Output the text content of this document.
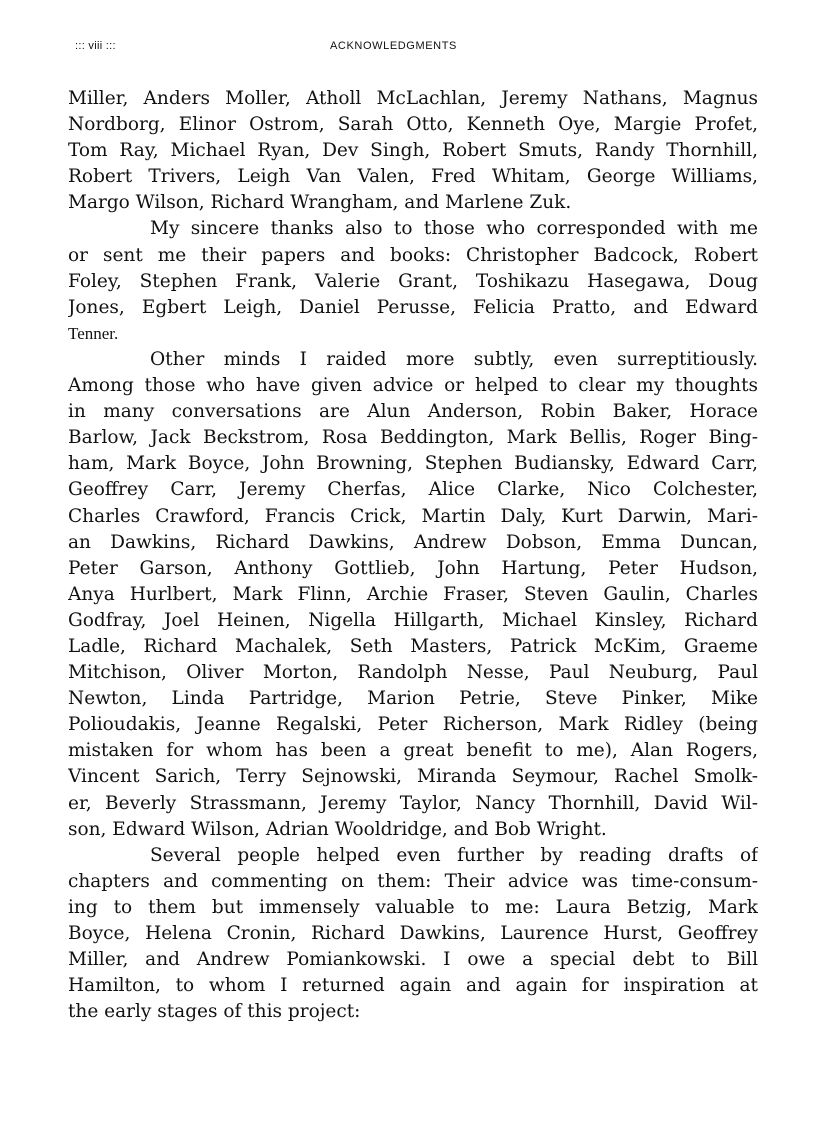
::: viii :::	ACKNOWLEDGMENTS
Miller, Anders Moller, Atholl McLachlan, Jeremy Nathans, Magnus
Nordborg, Elinor Ostrom, Sarah Otto, Kenneth Oye, Margie Profet,
Tom Ray, Michael Ryan, Dev Singh, Robert Smuts, Randy Thornhill,
Robert Trivers, Leigh Van Valen, Fred Whitam, George Williams,
Margo Wilson, Richard Wrangham, and Marlene Zuk.
My sincere thanks also to those who corresponded with me
or sent me their papers and books: Christopher Badcock, Robert
Foley, Stephen Frank, Valerie Grant, Toshikazu Hasegawa, Doug
Jones, Egbert Leigh, Daniel Perusse, Felicia Pratto, and Edward
Tenner.
Other minds I raided more subtly, even surreptitiously.
Among those who have given advice or helped to clear my thoughts
in many conversations are Alun Anderson, Robin Baker, Horace
Barlow, Jack Beckstrom, Rosa Beddington, Mark Bellis, Roger Bing-
ham, Mark Boyce, John Browning, Stephen Budiansky, Edward Carr,
Geoffrey Carr, Jeremy Cherfas, Alice Clarke, Nico Colchester,
Charles Crawford, Francis Crick, Martin Daly, Kurt Darwin, Mari-
an Dawkins, Richard Dawkins, Andrew Dobson, Emma Duncan,
Peter Garson, Anthony Gottlieb, John Hartung, Peter Hudson,
Anya Hurlbert, Mark Flinn, Archie Fraser, Steven Gaulin, Charles
Godfray, Joel Heinen, Nigella Hillgarth, Michael Kinsley, Richard
Ladle, Richard Machalek, Seth Masters, Patrick McKim, Graeme
Mitchison, Oliver Morton, Randolph Nesse, Paul Neuburg, Paul
Newton, Linda Partridge, Marion Petrie, Steve Pinker, Mike
Polioudakis, Jeanne Regalski, Peter Richerson, Mark Ridley (being
mistaken for whom has been a great benefit to me), Alan Rogers,
Vincent Sarich, Terry Sejnowski, Miranda Seymour, Rachel Smolk-
er, Beverly Strassmann, Jeremy Taylor, Nancy Thornhill, David Wil-
son, Edward Wilson, Adrian Wooldridge, and Bob Wright.
Several people helped even further by reading drafts of
chapters and commenting on them: Their advice was time-consum-
ing to them but immensely valuable to me: Laura Betzig, Mark
Boyce, Helena Cronin, Richard Dawkins, Laurence Hurst, Geoffrey
Miller, and Andrew Pomiankowski. I owe a special debt to Bill
Hamilton, to whom I returned again and again for inspiration at
the early stages of this project:
